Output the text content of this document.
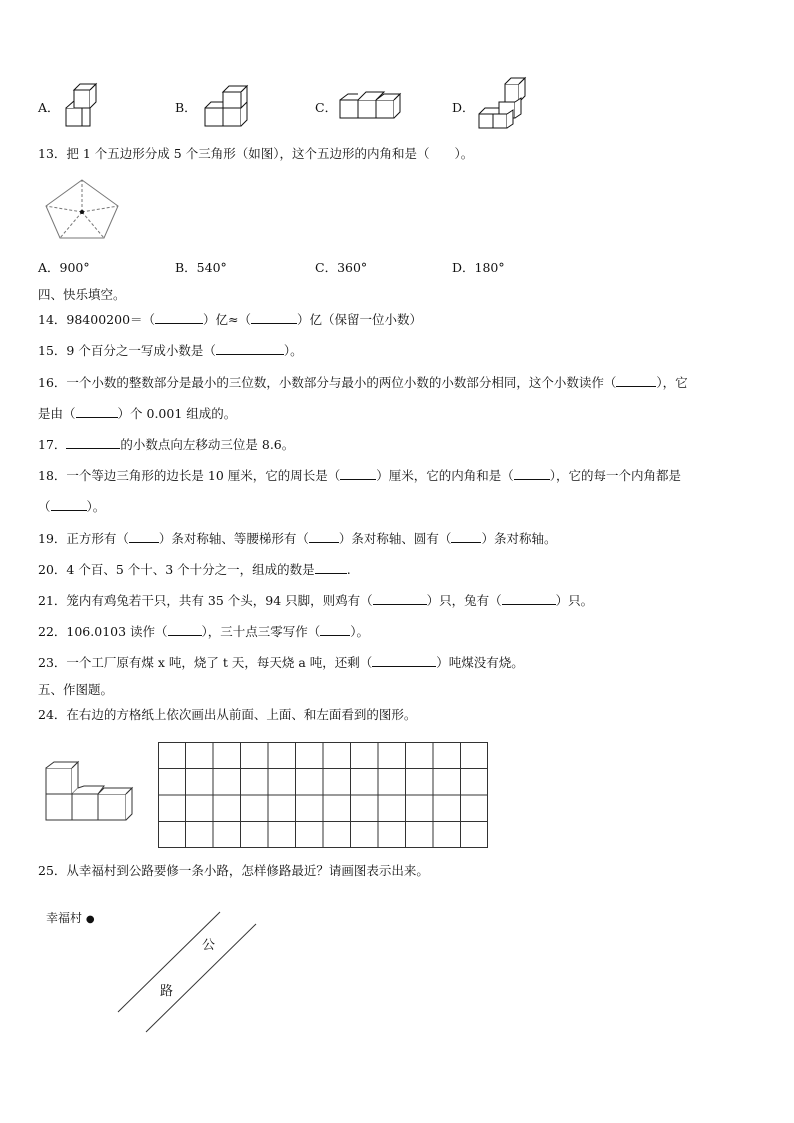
A．	B．	C．	D．
13．把 1 个五边形分成 5 个三角形（如图），这个五边形的内角和是（　　）。
A．900°	B．540°	C．360°	D．180°
四、快乐填空。
14．98400200＝（	）亿≈（	）亿（保留一位小数）
15．9 个百分之一写成小数是（	）。
16．一个小数的整数部分是最小的三位数，小数部分与最小的两位小数的小数部分相同，这个小数读作（	），它
是由（	）个 0.001 组成的。
17．	的小数点向左移动三位是 8.6。
18．一个等边三角形的边长是 10 厘米，它的周长是（	）厘米，它的内角和是（	），它的每一个内角都是
（	）。
19．正方形有（ ）条对称轴、等腰梯形有（ ）条对称轴、圆有（ ）条对称轴。
20．4 个百、5 个十、3 个十分之一，组成的数是	.
21．笼内有鸡兔若干只，共有 35 个头，94 只脚，则鸡有（	）只，兔有（	）只。
22．106.0103 读作（	），三十点三零写作（ ）。
23．一个工厂原有煤 x 吨，烧了 t 天，每天烧 a 吨，还剩（	）吨煤没有烧。
五、作图题。
24．在右边的方格纸上依次画出从前面、上面、和左面看到的图形。
25．从幸福村到公路要修一条小路，怎样修路最近？请画图表示出来。
幸福村 ●
公
路
